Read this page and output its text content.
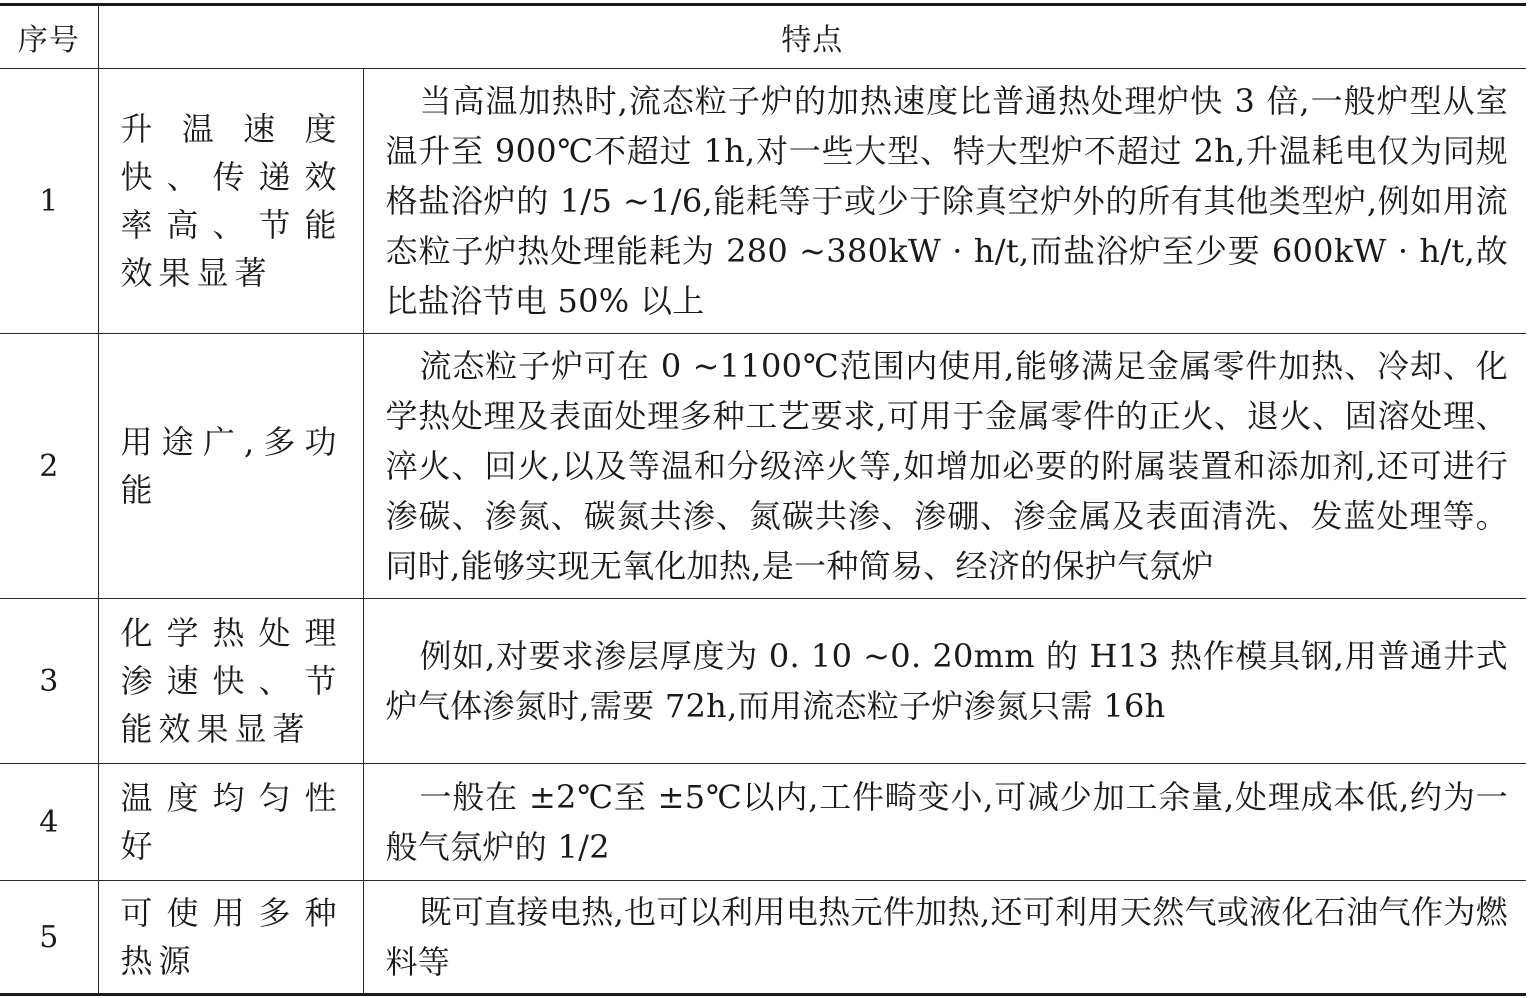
序号	特点	
1	升温速度快、传递效率高、节能效果显著	当高温加热时,流态粒子炉的加热速度比普通热处理炉快 3 倍,一般炉型从室温升至 900℃不超过 1h,对一些大型、特大型炉不超过 2h,升温耗电仅为同规格盐浴炉的 1/5 ~1/6,能耗等于或少于除真空炉外的所有其他类型炉,例如用流态粒子炉热处理能耗为 280 ~380kW · h/t,而盐浴炉至少要 600kW · h/t,故比盐浴节电 50% 以上
2	用途广,多功能	流态粒子炉可在 0 ~1100℃范围内使用,能够满足金属零件加热、冷却、化学热处理及表面处理多种工艺要求,可用于金属零件的正火、退火、固溶处理、淬火、回火,以及等温和分级淬火等,如增加必要的附属装置和添加剂,还可进行渗碳、渗氮、碳氮共渗、氮碳共渗、渗硼、渗金属及表面清洗、发蓝处理等。同时,能够实现无氧化加热,是一种简易、经济的保护气氛炉
3	化学热处理渗速快、节能效果显著	例如,对要求渗层厚度为 0. 10 ~0. 20mm 的 H13 热作模具钢,用普通井式炉气体渗氮时,需要 72h,而用流态粒子炉渗氮只需 16h
4	温度均匀性好	一般在 ±2℃至 ±5℃以内,工件畸变小,可减少加工余量,处理成本低,约为一般气氛炉的 1/2
5	可使用多种热源	既可直接电热,也可以利用电热元件加热,还可利用天然气或液化石油气作为燃料等
